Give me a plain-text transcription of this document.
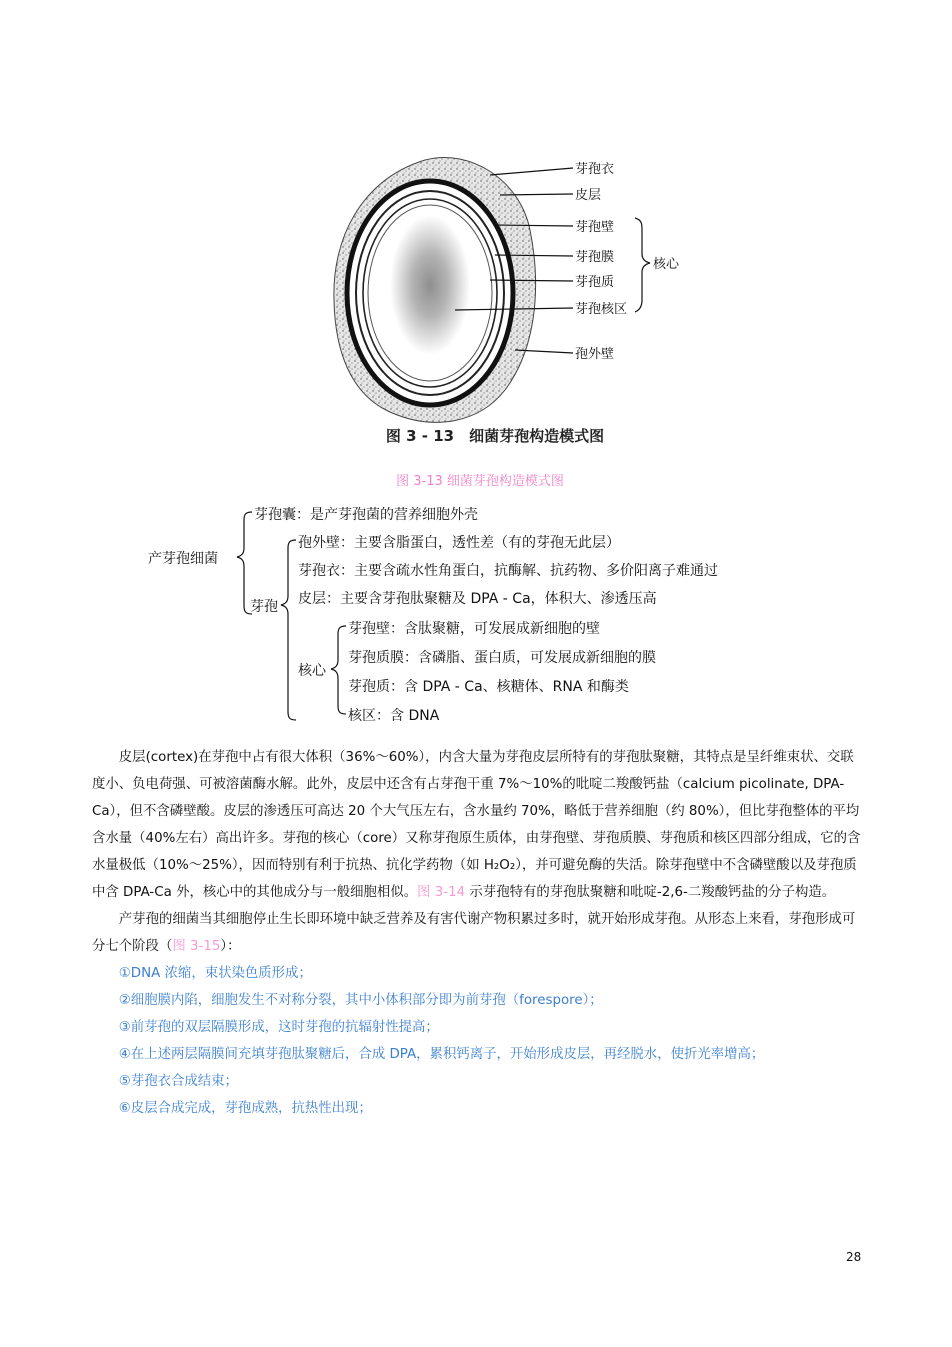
芽孢衣
皮层
芽孢壁
芽孢膜
芽孢质
芽孢核区
核心
孢外壁
图 3 - 13　细菌芽孢构造模式图
图 3-13 细菌芽孢构造模式图
产芽孢细菌
芽孢囊：是产芽孢菌的营养细胞外壳
芽孢
孢外壁：主要含脂蛋白，透性差（有的芽孢无此层）
芽孢衣：主要含疏水性角蛋白，抗酶解、抗药物、多价阳离子难通过
皮层：主要含芽孢肽聚糖及 DPA - Ca，体积大、渗透压高
核心
芽孢壁：含肽聚糖，可发展成新细胞的壁
芽孢质膜：含磷脂、蛋白质，可发展成新细胞的膜
芽孢质：含 DPA - Ca、核糖体、RNA 和酶类
核区：含 DNA

皮层(cortex)在芽孢中占有很大体积（36%～60%），内含大量为芽孢皮层所特有的芽孢肽聚糖，其特点是呈纤维束状、交联度小、负电荷强、可被溶菌酶水解。此外，皮层中还含有占芽孢干重 7%～10%的吡啶二羧酸钙盐（calcium picolinate, DPA-Ca），但不含磷壁酸。皮层的渗透压可高达 20 个大气压左右，含水量约 70%，略低于营养细胞（约 80%），但比芽孢整体的平均含水量（40%左右）高出许多。芽孢的核心（core）又称芽孢原生质体，由芽孢壁、芽孢质膜、芽孢质和核区四部分组成，它的含水量极低（10%～25%），因而特别有利于抗热、抗化学药物（如 H₂O₂），并可避免酶的失活。除芽孢壁中不含磷壁酸以及芽孢质中含 DPA-Ca 外，核心中的其他成分与一般细胞相似。图 3-14 示芽孢特有的芽孢肽聚糖和吡啶-2,6-二羧酸钙盐的分子构造。

产芽孢的细菌当其细胞停止生长即环境中缺乏营养及有害代谢产物积累过多时，就开始形成芽孢。从形态上来看，芽孢形成可分七个阶段（图 3-15）：

①DNA 浓缩，束状染色质形成；

②细胞膜内陷，细胞发生不对称分裂，其中小体积部分即为前芽孢（forespore）；

③前芽孢的双层隔膜形成，这时芽孢的抗辐射性提高；

④在上述两层隔膜间充填芽孢肽聚糖后，合成 DPA，累积钙离子，开始形成皮层，再经脱水，使折光率增高；

⑤芽孢衣合成结束；

⑥皮层合成完成，芽孢成熟，抗热性出现；

28
